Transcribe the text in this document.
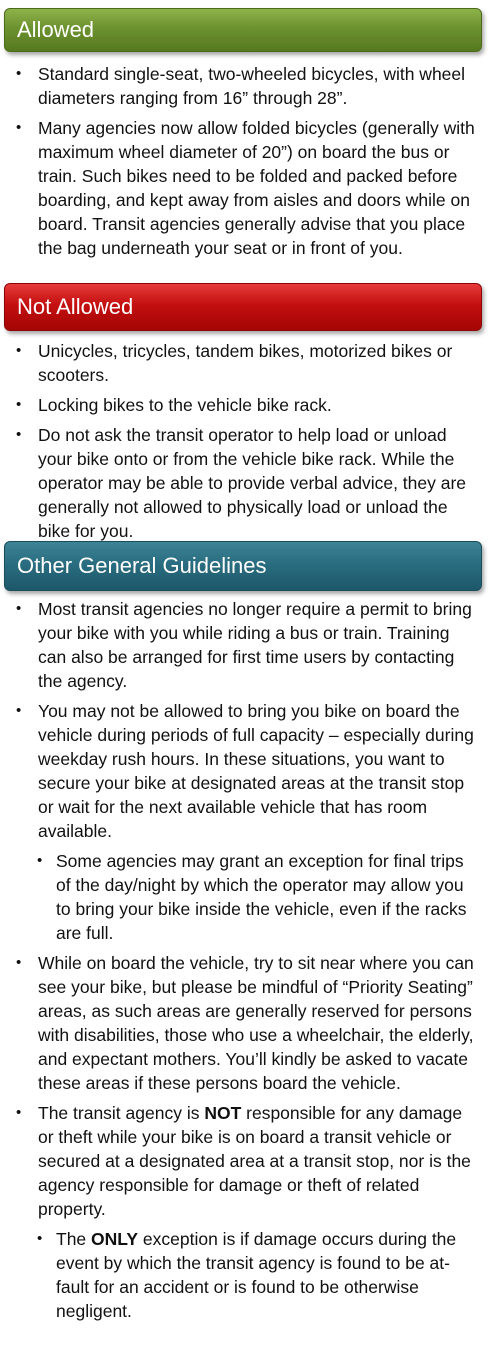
Allowed
• Standard single-seat, two-wheeled bicycles, with wheel diameters ranging from 16” through 28”.
• Many agencies now allow folded bicycles (generally with maximum wheel diameter of 20”) on board the bus or train. Such bikes need to be folded and packed before boarding, and kept away from aisles and doors while on board. Transit agencies generally advise that you place the bag underneath your seat or in front of you.
Not Allowed
• Unicycles, tricycles, tandem bikes, motorized bikes or scooters.
• Locking bikes to the vehicle bike rack.
• Do not ask the transit operator to help load or unload your bike onto or from the vehicle bike rack. While the operator may be able to provide verbal advice, they are generally not allowed to physically load or unload the bike for you.
Other General Guidelines
• Most transit agencies no longer require a permit to bring your bike with you while riding a bus or train. Training can also be arranged for first time users by contacting the agency.
• You may not be allowed to bring you bike on board the vehicle during periods of full capacity – especially during weekday rush hours. In these situations, you want to secure your bike at designated areas at the transit stop or wait for the next available vehicle that has room available.
• Some agencies may grant an exception for final trips of the day/night by which the operator may allow you to bring your bike inside the vehicle, even if the racks are full.
• While on board the vehicle, try to sit near where you can see your bike, but please be mindful of “Priority Seating” areas, as such areas are generally reserved for persons with disabilities, those who use a wheelchair, the elderly, and expectant mothers. You’ll kindly be asked to vacate these areas if these persons board the vehicle.
• The transit agency is NOT responsible for any damage or theft while your bike is on board a transit vehicle or secured at a designated area at a transit stop, nor is the agency responsible for damage or theft of related property.
• The ONLY exception is if damage occurs during the event by which the transit agency is found to be at-fault for an accident or is found to be otherwise negligent.
